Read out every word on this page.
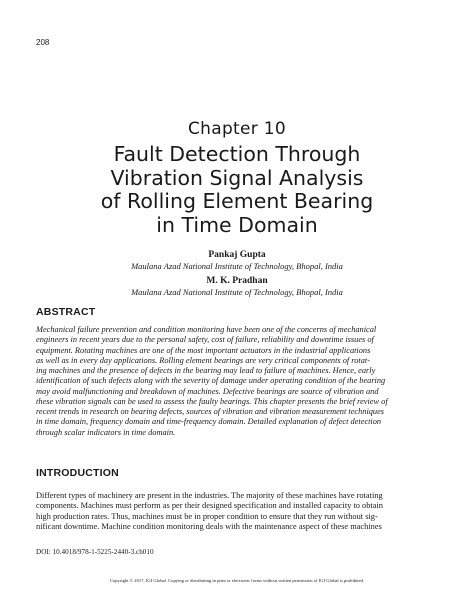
208
Chapter 10
Fault Detection Through
Vibration Signal Analysis
of Rolling Element Bearing
in Time Domain
Pankaj Gupta
Maulana Azad National Institute of Technology, Bhopal, India
M. K. Pradhan
Maulana Azad National Institute of Technology, Bhopal, India
ABSTRACT
Mechanical failure prevention and condition monitoring have been one of the concerns of mechanical
engineers in recent years due to the personal safety, cost of failure, reliability and downtime issues of
equipment. Rotating machines are one of the most important actuators in the industrial applications
as well as in every day applications. Rolling element bearings are very critical components of rotat-
ing machines and the presence of defects in the bearing may lead to failure of machines. Hence, early
identification of such defects along with the severity of damage under operating condition of the bearing
may avoid malfunctioning and breakdown of machines. Defective bearings are source of vibration and
these vibration signals can be used to assess the faulty bearings. This chapter presents the brief review of
recent trends in research on bearing defects, sources of vibration and vibration measurement techniques
in time domain, frequency domain and time-frequency domain. Detailed explanation of defect detection
through scalar indicators in time domain.
INTRODUCTION
Different types of machinery are present in the industries. The majority of these machines have rotating
components. Machines must perform as per their designed specification and installed capacity to obtain
high production rates. Thus, machines must be in proper condition to ensure that they run without sig-
nificant downtime. Machine condition monitoring deals with the maintenance aspect of these machines
DOI: 10.4018/978-1-5225-2440-3.ch010
Copyright © 2017, IGI Global. Copying or distributing in print or electronic forms without written permission of IGI Global is prohibited.
